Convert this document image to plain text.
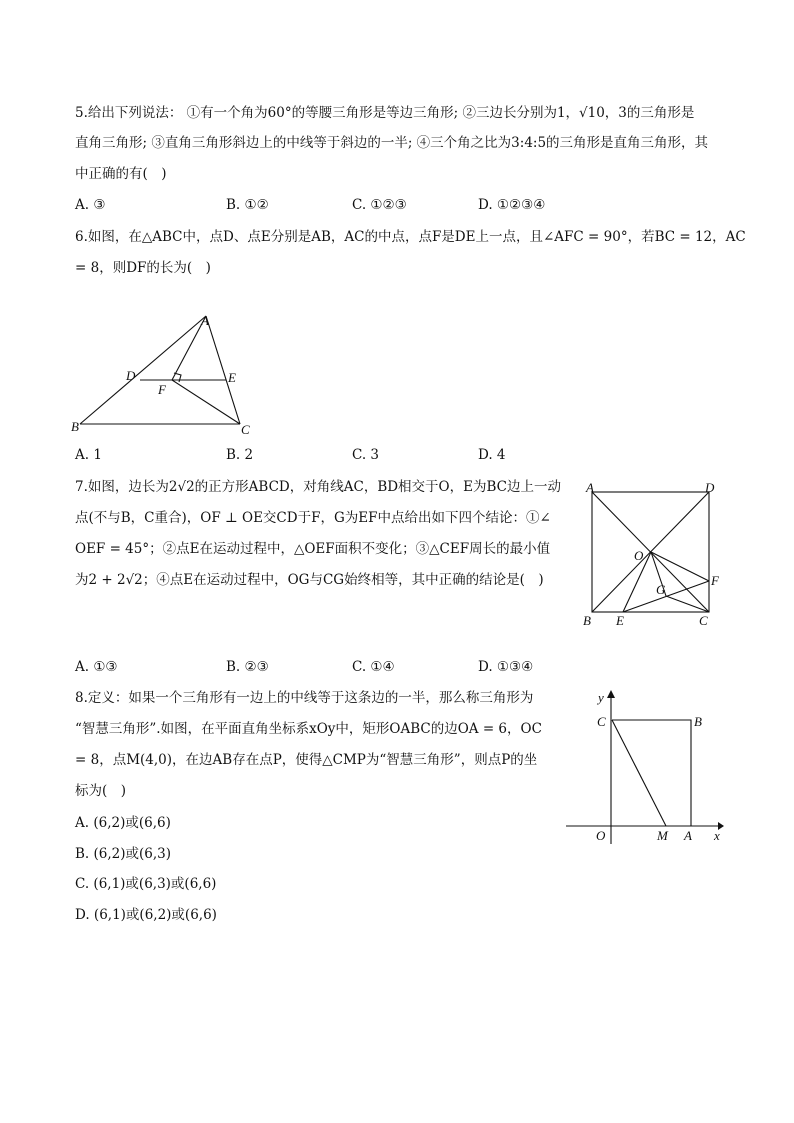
5.给出下列说法： ①有一个角为60°的等腰三角形是等边三角形; ②三边长分别为1，√10，3的三角形是
直角三角形; ③直角三角形斜边上的中线等于斜边的一半; ④三个角之比为3:4:5的三角形是直角三角形，其
中正确的有(　)
A. ③	B. ①②	C. ①②③	D. ①②③④
6.如图，在△ABC中，点D、点E分别是AB，AC的中点，点F是DE上一点，且∠AFC = 90°，若BC = 12，AC
= 8，则DF的长为(　)
A
D	E
F
B	C
A. 1	B. 2	C. 3	D. 4
7.如图，边长为2√2的正方形ABCD，对角线AC，BD相交于O，E为BC边上一动
点(不与B，C重合)，OF ⊥ OE交CD于F，G为EF中点给出如下四个结论：①∠
OEF = 45°；②点E在运动过程中，△OEF面积不变化；③△CEF周长的最小值
为2 + 2√2；④点E在运动过程中，OG与CG始终相等，其中正确的结论是(　)
A	D
O
G
F
B E	C
A. ①③	B. ②③	C. ①④	D. ①③④
8.定义：如果一个三角形有一边上的中线等于这条边的一半，那么称三角形为
“智慧三角形”.如图，在平面直角坐标系xOy中，矩形OABC的边OA = 6，OC
= 8，点M(4,0)，在边AB存在点P，使得△CMP为“智慧三角形”，则点P的坐
标为(　)
A. (6,2)或(6,6)
B. (6,2)或(6,3)
C. (6,1)或(6,3)或(6,6)
D. (6,1)或(6,2)或(6,6)
y
x
C	B
O	M A
